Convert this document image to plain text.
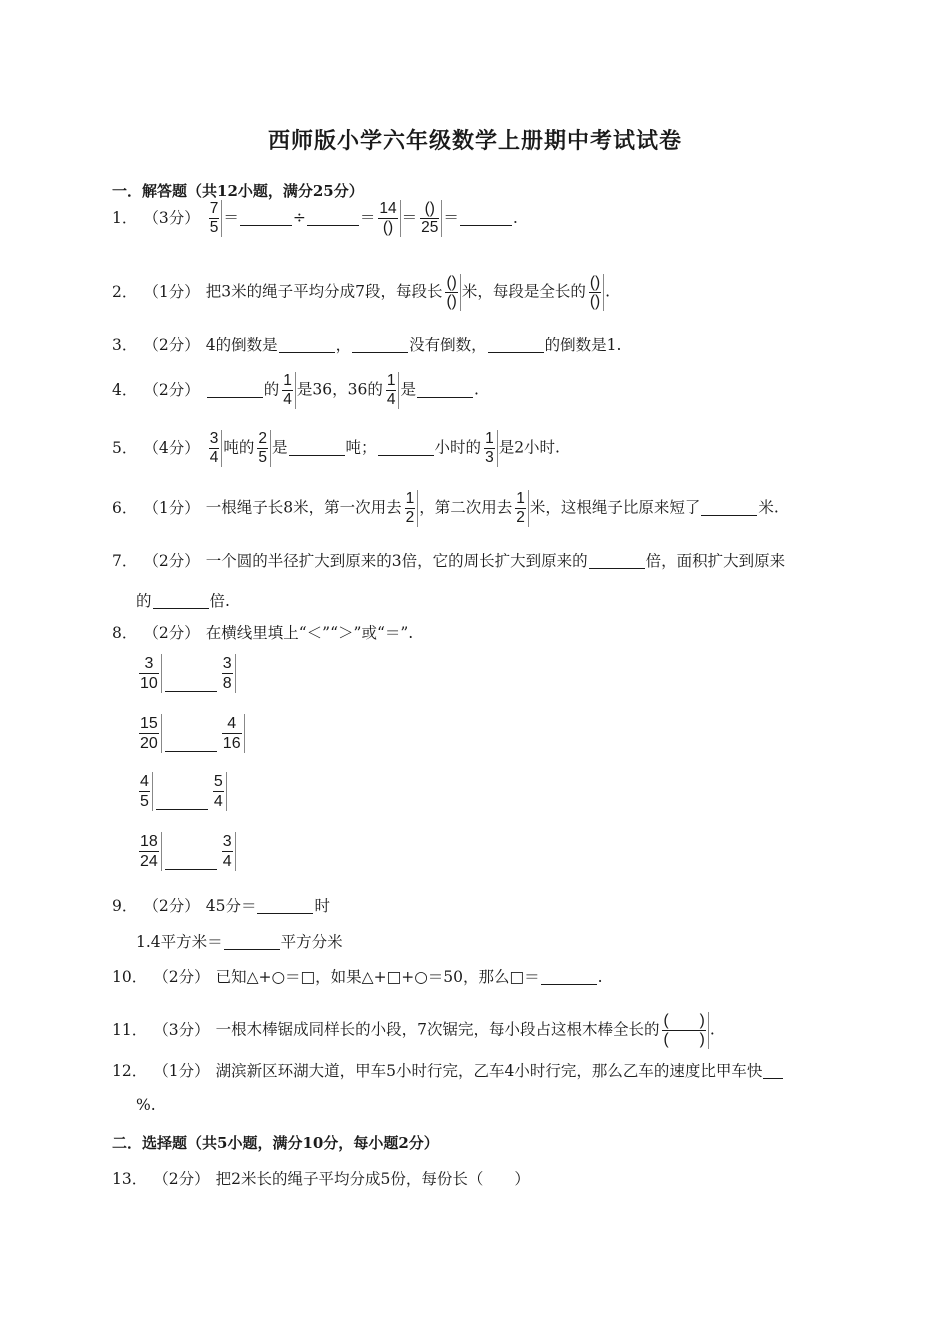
西师版小学六年级数学上册期中考试试卷
一．解答题（共12小题，满分25分）
二．选择题（共5小题，满分10分，每小题2分）
1． （3分） $\frac{7}{5}$ ＝	÷	＝ $\frac{14}{()} = \frac{()}{25}$ ＝	．
2． （1分） 把3米的绳子平均分成7段，每段长 $\frac{()}{()}$ 米，每段是全长的 $\frac{()}{()}$ .
3． （2分） 4的倒数是	，	没有倒数，	的倒数是1.
4． （2分）	的 $\frac{1}{4}$ 是36，36的 $\frac{1}{4}$ 是	.
5． （4分） $\frac{3}{4}$ 吨的 $\frac{2}{5}$ 是	吨；	小时的 $\frac{1}{3}$ 是2小时.
6． （1分） 一根绳子长8米，第一次用去 $\frac{1}{2}$ ，第二次用去 $\frac{1}{2}$ 米，这根绳子比原来短了	米.
7． （2分） 一个圆的半径扩大到原来的3倍，它的周长扩大到原来的	倍，面积扩大到原来
8． （2分） 在横线里填上“＜”“＞”或“＝”.
9． （2分） 45分＝	时
10． （2分） 已知△+○＝□，如果△+□+○＝50，那么□＝	.
11． （3分） 一根木棒锯成同样长的小段，7次锯完，每小段占这根木棒全长的 $\frac{( )}{( )}$ .
12． （1分） 湖滨新区环湖大道，甲车5小时行完，乙车4小时行完，那么乙车的速度比甲车快
13． （2分） 把2米长的绳子平均分成5份，每份长（　　）
的	倍.
1.4平方米＝	平方分米
%.
$\frac{3}{10}$	$\frac{3}{8}$
$\frac{15}{20}$	$\frac{4}{16}$
$\frac{4}{5}$	$\frac{5}{4}$
$\frac{18}{24}$	$\frac{3}{4}$
